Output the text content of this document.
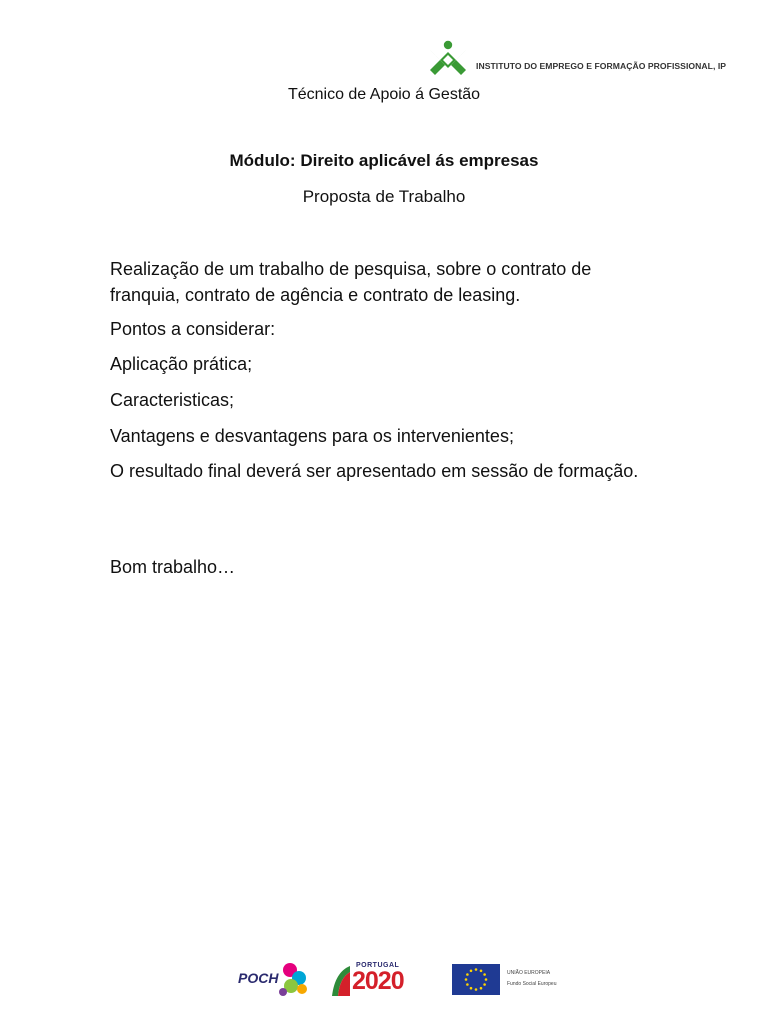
INSTITUTO DO EMPREGO E FORMAÇÃO PROFISSIONAL, IP
Técnico de Apoio á Gestão
Módulo: Direito aplicável ás empresas
Proposta de Trabalho
Realização de um trabalho de pesquisa, sobre o contrato de franquia, contrato de agência e contrato de leasing.
Pontos a considerar:
Aplicação prática;
Caracteristicas;
Vantagens e desvantagens para os intervenientes;
O resultado final deverá ser apresentado em sessão de formação.
Bom trabalho…
POCH
PORTUGAL
2020	UNIÃO EUROPEIA
Fundo Social Europeu
